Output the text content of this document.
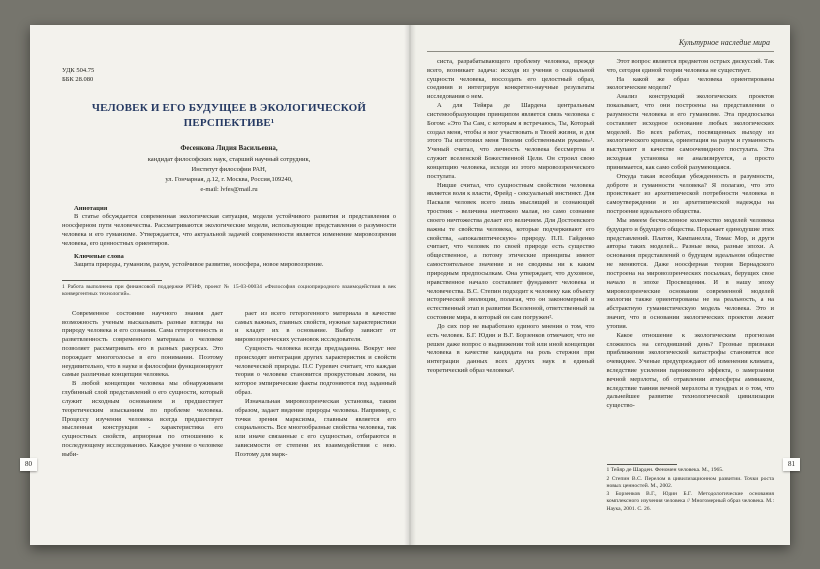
УДК 504.75
ББК 28.080
ЧЕЛОВЕК И ЕГО БУДУЩЕЕ В ЭКОЛОГИЧЕСКОЙ ПЕРСПЕКТИВЕ¹
Фесенкова Лидия Васильевна,

кандидат философских наук, старший научный сотрудник,

Институт философии РАН,

ул. Гончарная, д.12, г. Москва, Россия,109240,

e-mail: lvfes@mail.ru

Аннотация

В статье обсуждается современная экологическая ситуация, модели устойчивого развития и представления о ноосферном пути человечества. Рассматриваются экологические модели, использующие представления о разумности человека и его гуманизме. Утверждается, что актуальной задачей современности является изменение мировоззрения человека, его ценностных ориентиров.

Ключевые слова

Защита природы, гуманизм, разум, устойчивое развитие, ноосфера, новое мировоззрение.

1 Работа выполнена при финансовой поддержке РГНФ, проект № 15-03-00034 «Философия социоприродного взаимодействия в век конвергентных технологий».

Современное состояние научного знания дает возможность ученым высказывать разные взгляды на природу человека и его сознания. Сама гетерогенность и разветвленность современного материала о человеке позволяет рассматривать его в разных ракурсах. Это порождает многоголосье в его понимании. Поэтому неудивительно, что в науке и философии функционируют самые различные концепции человека.

В любой концепции человека мы обнаруживаем глубинный слой представлений о его сущности, который служит исходным основанием и предшествует теоретическим изысканиям по проблеме человека. Процессу изучения человека всегда предшествует мысленная конструкция - характеристика его сущностных свойств, априорная по отношению к последующему исследованию. Каждое учение о человеке выби-

рает из всего гетерогенного материала в качестве самых важных, главных свойств, нужные характеристики и кладет их в основание. Выбор зависит от мировоззренческих установок исследователя.

Сущность человека всегда предзаданна. Вокруг нее происходят интеграция других характеристик и свойств человеческой природы. П.С Гуревич считает, что каждая теория о человеке становится прокрустовым ложем, на которое эмпирические факты подгоняются под заданный образ.

Изначальная мировоззренческая установка, таким образом, задает видение природы человека. Например, с точки зрения марксизма, главным является его социальность. Все многообразные свойства человека, так или иначе связанные с его сущностью, отбираются в зависимости от степени их взаимодействия с нею. Поэтому для марк-

Культурное наследие мира

систа, разрабатывающего проблему человека, прежде всего, возникает задача: исходя из учения о социальной сущности человека, воссоздать его целостный образ, соединив и интегрируя конкретно-научные результаты исследования о нем.

А для Тейяра де Шардена центральным системообразующим принципом является связь человека с Богом: «Это Ты Сам, с которым я встречаюсь, Ты, Который создал меня, чтобы я мог участвовать в Твоей жизни, и для этого Ты изготовил меня Твоими собственными руками»¹. Ученый считал, что личность человека бессмертна и служит вселенской Божественной Цели. Он строил свою концепцию человека, исходя из этого мировоззренческого постулата.

Ницше считал, что сущностным свойством человека является воля к власти, Фрейд - сексуальный инстинкт. Для Паскаля человек всего лишь мыслящий и сознающий тростник - величина ничтожно малая, но само сознание своего ничтожества делает его величием. Для Достоевского важны те свойства человека, которые подчеркивают его свойства, «апокалиптическую» природу. П.П. Гайденко считает, что человек по своей природе есть существо общественное, а потому этические принципы имеют самостоятельное значение и не сводимы ни к каким природным предпосылкам. Она утверждает, что духовное, нравственное начало составляет фундамент человека и человечества. В.С. Степин подходит к человеку как объекту исторической эволюции, полагая, что он закономерный и естественный этап в развитии Вселенной, ответственный за состояние мира, в который он сам погружен².

До сих пор не выработано единого мнения о том, что есть человек. Б.Г. Юдин и В.Г. Борзенков отмечают, что не решен даже вопрос о выдвижении той или иной концепции человека в качестве кандидата на роль стержня при интеграции данных всех других наук в единый теоретический образ человека³.

Этот вопрос является предметом острых дискуссий. Так что, сегодня единой теории человека не существует.

На какой же образ человека ориентированы экологические модели?

Анализ конструкций экологических проектов показывает, что они построены на представлении о разумности человека и его гуманизме. Эта предпосылка составляет исходное основание любых экологических моделей. Во всех работах, посвященных выходу из экологического кризиса, ориентация на разум и гуманность выступают в качестве самоочевидного постулата. Эта исходная установка не анализируется, а просто принимается, как само собой разумеющаяся.

Откуда такая всеобщая убежденность в разумности, доброте и гуманности человека? Я полагаю, что это проистекает из архетипической потребности человека в самоутверждении и из архетипической надежды на построение идеального общества.

Мы имеем бесчисленное количество моделей человека будущего и будущего общества. Поражает единодушие этих представлений. Платон, Кампанелла, Томас Мор, и други авторы таких моделей... Разные века, разные эпохи. А основания представлений о будущем идеальном обществе не меняются. Даже ноосферная теория Вернадского построена на мировоззренческих посылках, берущих свое начало в эпохе Просвещения. И в нашу эпоху мировоззренческие основания современной моделей экологии также ориентированы не на реальность, а на абстрактную гуманистическую модель человека. Это и значит, что в основании экологических проектов лежит утопия.

Какое отношение к экологическим прогнозам сложилось на сегодняшний день? Грозные признаки приближения экологической катастрофы становятся все очевиднее. Ученые предупреждают об изменении климата, вследствие усиления парникового эффекта, о замерзании вечной мерзлоты, об отравлении атмосферы аммиаком, вследствие таяния вечной мерзлоты в тундрах и о том, что дальнейшее развитие технологической цивилизации существо-

1 Тейяр де Шарден. Феномен человека. М., 1965.

2 Степин В.С. Перелом в цивилизационном развитии. Точки роста новых ценностей. М., 2002.

3 Борзенков В.Г., Юдин Б.Г. Методологические основания комплексного изучения человека // Многомерный образ человека. М.: Наука, 2001. С. 26.

80	81
